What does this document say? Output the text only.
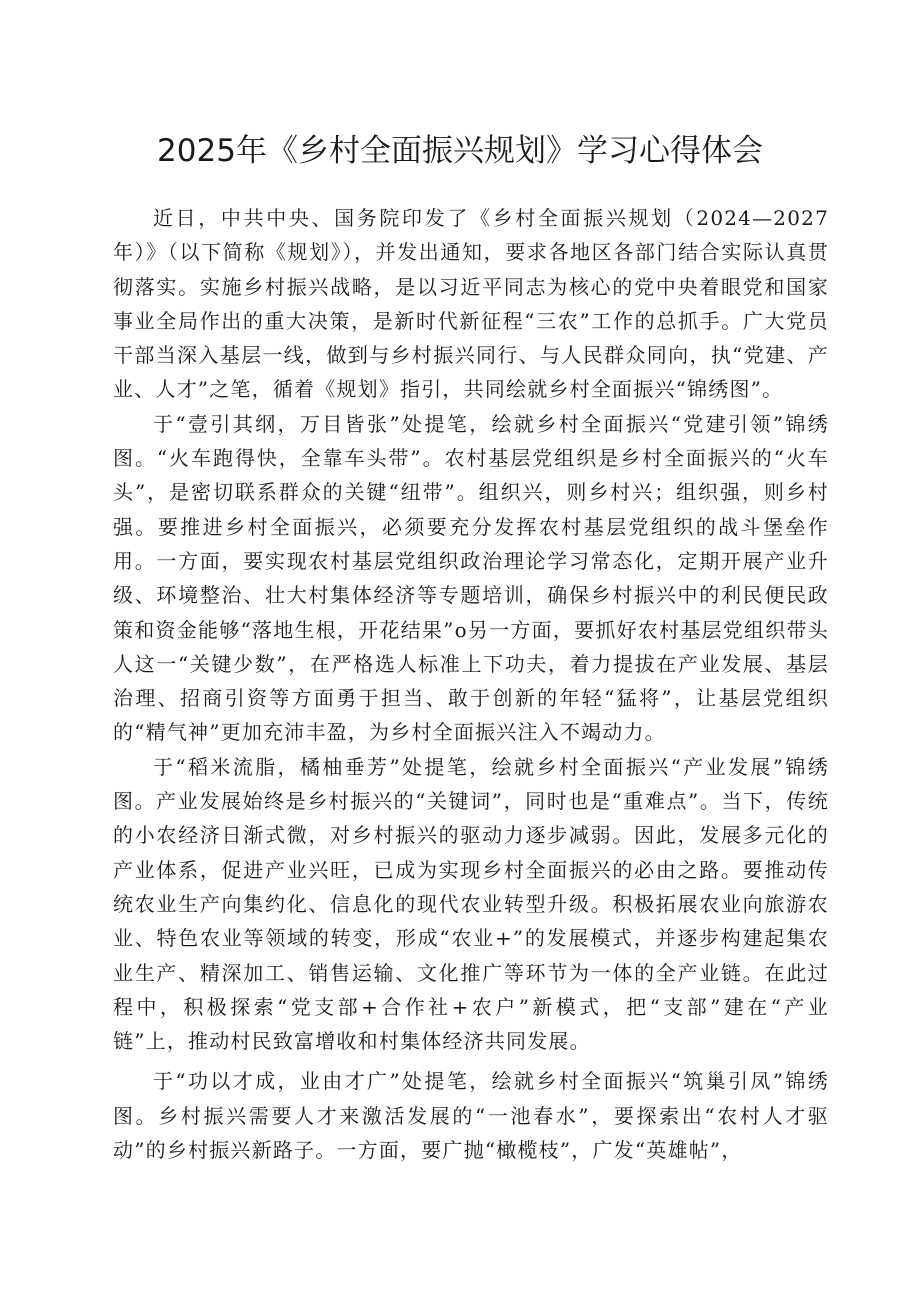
2025年《乡村全面振兴规划》学习心得体会

近日，中共中央、国务院印发了《乡村全面振兴规划（2024—2027年）》（以下简称《规划》），并发出通知，要求各地区各部门结合实际认真贯彻落实。实施乡村振兴战略，是以习近平同志为核心的党中央着眼党和国家事业全局作出的重大决策，是新时代新征程“三农”工作的总抓手。广大党员干部当深入基层一线，做到与乡村振兴同行、与人民群众同向，执“党建、产业、人才”之笔，循着《规划》指引，共同绘就乡村全面振兴“锦绣图”。

于“壹引其纲，万目皆张”处提笔，绘就乡村全面振兴“党建引领”锦绣图。“火车跑得快，全靠车头带”。农村基层党组织是乡村全面振兴的“火车头”，是密切联系群众的关键“纽带”。组织兴，则乡村兴；组织强，则乡村强。要推进乡村全面振兴，必须要充分发挥农村基层党组织的战斗堡垒作用。一方面，要实现农村基层党组织政治理论学习常态化，定期开展产业升级、环境整治、壮大村集体经济等专题培训，确保乡村振兴中的利民便民政策和资金能够“落地生根，开花结果”o另一方面，要抓好农村基层党组织带头人这一“关键少数”，在严格选人标准上下功夫，着力提拔在产业发展、基层治理、招商引资等方面勇于担当、敢于创新的年轻“猛将”，让基层党组织的“精气神”更加充沛丰盈，为乡村全面振兴注入不竭动力。

于“稻米流脂，橘柚垂芳”处提笔，绘就乡村全面振兴“产业发展”锦绣图。产业发展始终是乡村振兴的“关键词”，同时也是“重难点”。当下，传统的小农经济日渐式微，对乡村振兴的驱动力逐步减弱。因此，发展多元化的产业体系，促进产业兴旺，已成为实现乡村全面振兴的必由之路。要推动传统农业生产向集约化、信息化的现代农业转型升级。积极拓展农业向旅游农业、特色农业等领域的转变，形成“农业+”的发展模式，并逐步构建起集农业生产、精深加工、销售运输、文化推广等环节为一体的全产业链。在此过程中，积极探索“党支部+合作社+农户”新模式，把“支部”建在“产业链”上，推动村民致富增收和村集体经济共同发展。

于“功以才成，业由才广”处提笔，绘就乡村全面振兴“筑巢引凤”锦绣图。乡村振兴需要人才来激活发展的“一池春水”，要探索出“农村人才驱动”的乡村振兴新路子。一方面，要广抛“橄榄枝”，广发“英雄帖”，
